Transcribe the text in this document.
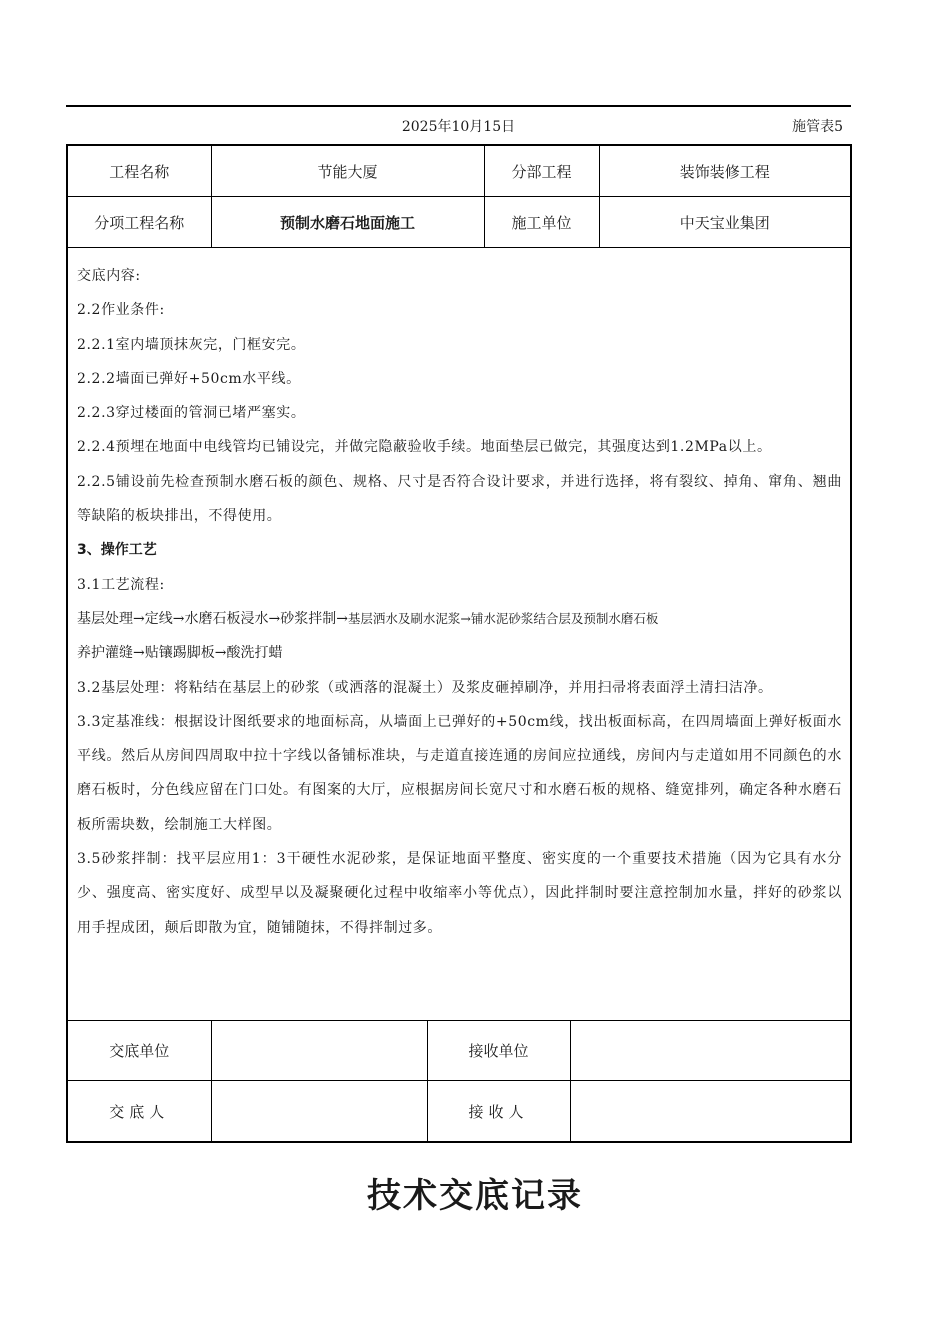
2025年10月15日	施管表5
工程名称	节能大厦	分部工程	装饰装修工程
分项工程名称	预制水磨石地面施工	施工单位	中天宝业集团

交底内容:

2.2作业条件:

2.2.1室内墙顶抹灰完，门框安完。

2.2.2墙面已弹好+50cm水平线。

2.2.3穿过楼面的管洞已堵严塞实。

2.2.4预埋在地面中电线管均已铺设完，并做完隐蔽验收手续。地面垫层已做完，其强度达到1.2MPa以上。

2.2.5铺设前先检查预制水磨石板的颜色、规格、尺寸是否符合设计要求，并进行选择，将有裂纹、掉角、窜角、翘曲等缺陷的板块排出，不得使用。

3、操作工艺

3.1工艺流程:

基层处理→定线→水磨石板浸水→砂浆拌制→基层洒水及刷水泥浆→铺水泥砂浆结合层及预制水磨石板

养护灌缝→贴镶踢脚板→酸洗打蜡

3.2基层处理：将粘结在基层上的砂浆（或洒落的混凝土）及浆皮砸掉刷净，并用扫帚将表面浮土清扫洁净。

3.3定基准线：根据设计图纸要求的地面标高，从墙面上已弹好的+50cm线，找出板面标高，在四周墙面上弹好板面水平线。然后从房间四周取中拉十字线以备铺标准块，与走道直接连通的房间应拉通线，房间内与走道如用不同颜色的水磨石板时，分色线应留在门口处。有图案的大厅，应根据房间长宽尺寸和水磨石板的规格、缝宽排列，确定各种水磨石板所需块数，绘制施工大样图。

3.5砂浆拌制：找平层应用1：3干硬性水泥砂浆，是保证地面平整度、密实度的一个重要技术措施（因为它具有水分少、强度高、密实度好、成型早以及凝聚硬化过程中收缩率小等优点），因此拌制时要注意控制加水量，拌好的砂浆以用手捏成团，颠后即散为宜，随铺随抹，不得拌制过多。

交底单位		接收单位	
交底人		接收人	
技术交底记录
